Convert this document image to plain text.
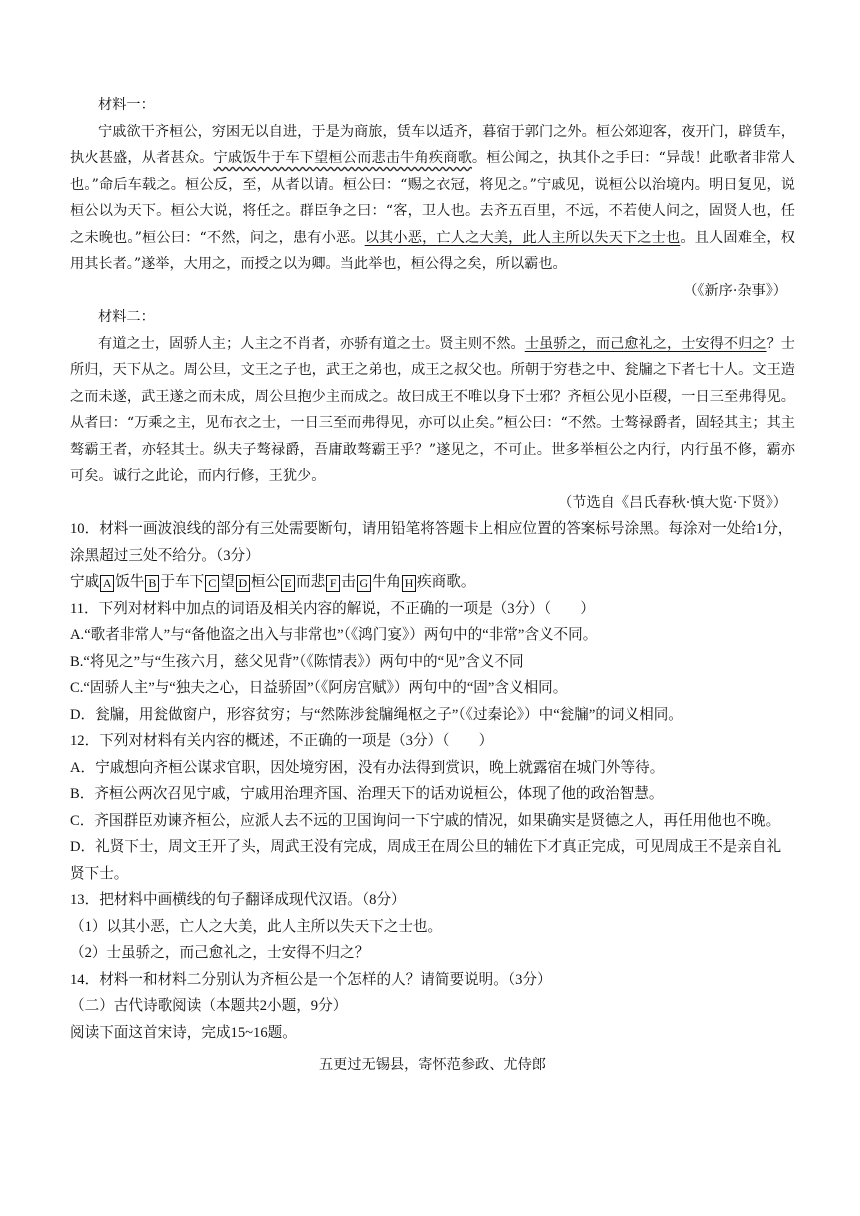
材料一：

宁戚欲干齐桓公，穷困无以自进，于是为商旅，赁车以适齐，暮宿于郭门之外。桓公郊迎客，夜开门，辟赁车，执火甚盛，从者甚众。宁戚饭牛于车下望桓公而悲击牛角疾商歌。桓公闻之，执其仆之手曰：“异哉！此歌者非常人也。”命后车载之。桓公反，至，从者以请。桓公曰：“赐之衣冠，将见之。”宁戚见，说桓公以治境内。明日复见，说桓公以为天下。桓公大说，将任之。群臣争之曰：“客，卫人也。去齐五百里，不远，不若使人问之，固贤人也，任之未晚也。”桓公曰：“不然，问之，患有小恶。以其小恶，亡人之大美，此人主所以失天下之士也。且人固难全，权用其长者。”遂举，大用之，而授之以为卿。当此举也，桓公得之矣，所以霸也。

（《新序·杂事》）

材料二：

有道之士，固骄人主；人主之不肖者，亦骄有道之士。贤主则不然。士虽骄之，而己愈礼之，士安得不归之？士所归，天下从之。周公旦，文王之子也，武王之弟也，成王之叔父也。所朝于穷巷之中、瓮牖之下者七十人。文王造之而未遂，武王遂之而未成，周公旦抱少主而成之。故曰成王不唯以身下士邪？齐桓公见小臣稷，一日三至弗得见。从者曰：“万乘之主，见布衣之士，一日三至而弗得见，亦可以止矣。”桓公曰：“不然。士骜禄爵者，固轻其主；其主骜霸王者，亦轻其士。纵夫子骜禄爵，吾庸敢骜霸王乎？”遂见之，不可止。世多举桓公之内行，内行虽不修，霸亦可矣。诚行之此论，而内行修，王犹少。

（节选自《吕氏春秋·慎大览·下贤》）

10．材料一画波浪线的部分有三处需要断句，请用铅笔将答题卡上相应位置的答案标号涂黑。每涂对一处给1分，涂黑超过三处不给分。（3分）

宁戚 A 饭牛 B 于车下 C 望 D 桓公 E 而悲 F 击 G 牛角 H 疾商歌。

11．下列对材料中加点的词语及相关内容的解说，不正确的一项是（3分）（　　）

A.“歌者非常人”与“备他盗之出入与非常也”（《鸿门宴》）两句中的“非常”含义不同。

B.“将见之”与“生孩六月，慈父见背”（《陈情表》）两句中的“见”含义不同

C.“固骄人主”与“独夫之心，日益骄固”（《阿房宫赋》）两句中的“固”含义相同。

D．瓮牖，用瓮做窗户，形容贫穷；与“然陈涉瓮牖绳枢之子”（《过秦论》）中“瓮牖”的词义相同。

12．下列对材料有关内容的概述，不正确的一项是（3分）（　　）

A．宁戚想向齐桓公谋求官职，因处境穷困，没有办法得到赏识，晚上就露宿在城门外等待。

B．齐桓公两次召见宁戚，宁戚用治理齐国、治理天下的话劝说桓公，体现了他的政治智慧。

C．齐国群臣劝谏齐桓公，应派人去不远的卫国询问一下宁戚的情况，如果确实是贤德之人，再任用他也不晚。

D．礼贤下士，周文王开了头，周武王没有完成，周成王在周公旦的辅佐下才真正完成，可见周成王不是亲自礼贤下士。

13．把材料中画横线的句子翻译成现代汉语。（8分）

（1）以其小恶，亡人之大美，此人主所以失天下之士也。

（2）士虽骄之，而己愈礼之，士安得不归之？

14．材料一和材料二分别认为齐桓公是一个怎样的人？请简要说明。（3分）

（二）古代诗歌阅读（本题共2小题，9分）

阅读下面这首宋诗，完成15~16题。

五更过无锡县，寄怀范参政、尤侍郎
